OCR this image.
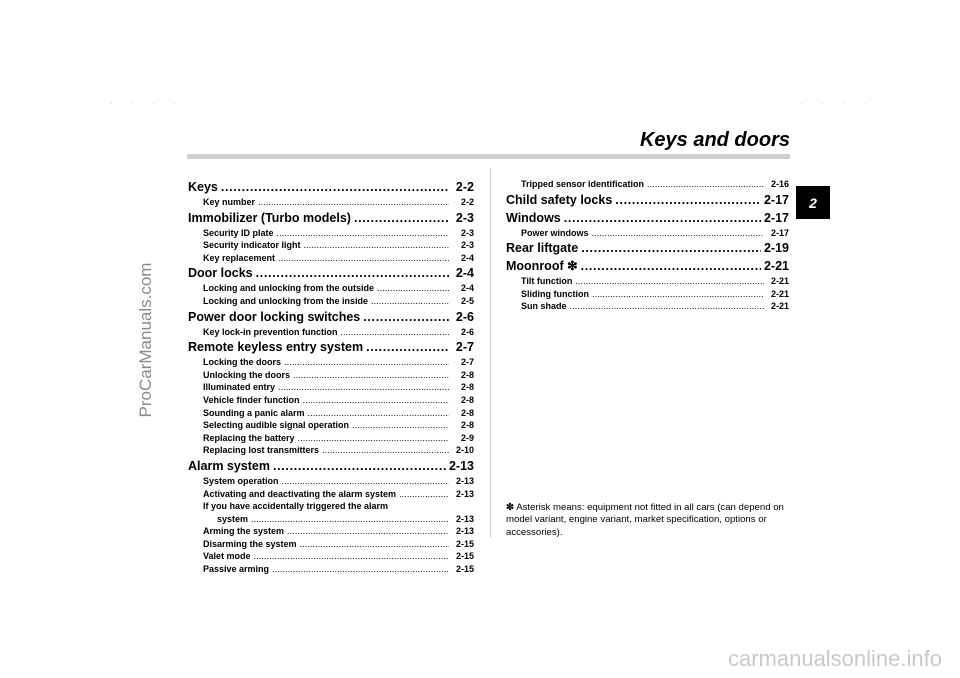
ProCarManuals.com
carmanualsonline.info
. . . .	. . . .
Keys and doors
2
Keys . . .	2-2
Key number . . .	2-2
Immobilizer (Turbo models) . . .	2-3
Security ID plate . . .	2-3
Security indicator light . . .	2-3
Key replacement . . .	2-4
Door locks . . .	2-4
Locking and unlocking from the outside . . .	2-4
Locking and unlocking from the inside . . .	2-5
Power door locking switches . . .	2-6
Key lock-in prevention function . . .	2-6
Remote keyless entry system . . .	2-7
Locking the doors . . .	2-7
Unlocking the doors . . .	2-8
Illuminated entry . . .	2-8
Vehicle finder function . . .	2-8
Sounding a panic alarm . . .	2-8
Selecting audible signal operation . . .	2-8
Replacing the battery . . .	2-9
Replacing lost transmitters . . .	2-10
Alarm system . . .	2-13
System operation . . .	2-13
Activating and deactivating the alarm system . . .	2-13
If you have accidentally triggered the alarm
system . . .	2-13
Arming the system . . .	2-13
Disarming the system . . .	2-15
Valet mode . . .	2-15
Passive arming . . .	2-15
Tripped sensor identification . . .	2-16
Child safety locks . . .	2-17
Windows . . .	2-17
Power windows . . .	2-17
Rear liftgate . . .	2-19
Moonroof ❇ . . .	2-21
Tilt function . . .	2-21
Sliding function . . .	2-21
Sun shade . . .	2-21
❇ Asterisk means: equipment not fitted in all cars (can depend on model variant, engine variant, market specification, options or accessories).
